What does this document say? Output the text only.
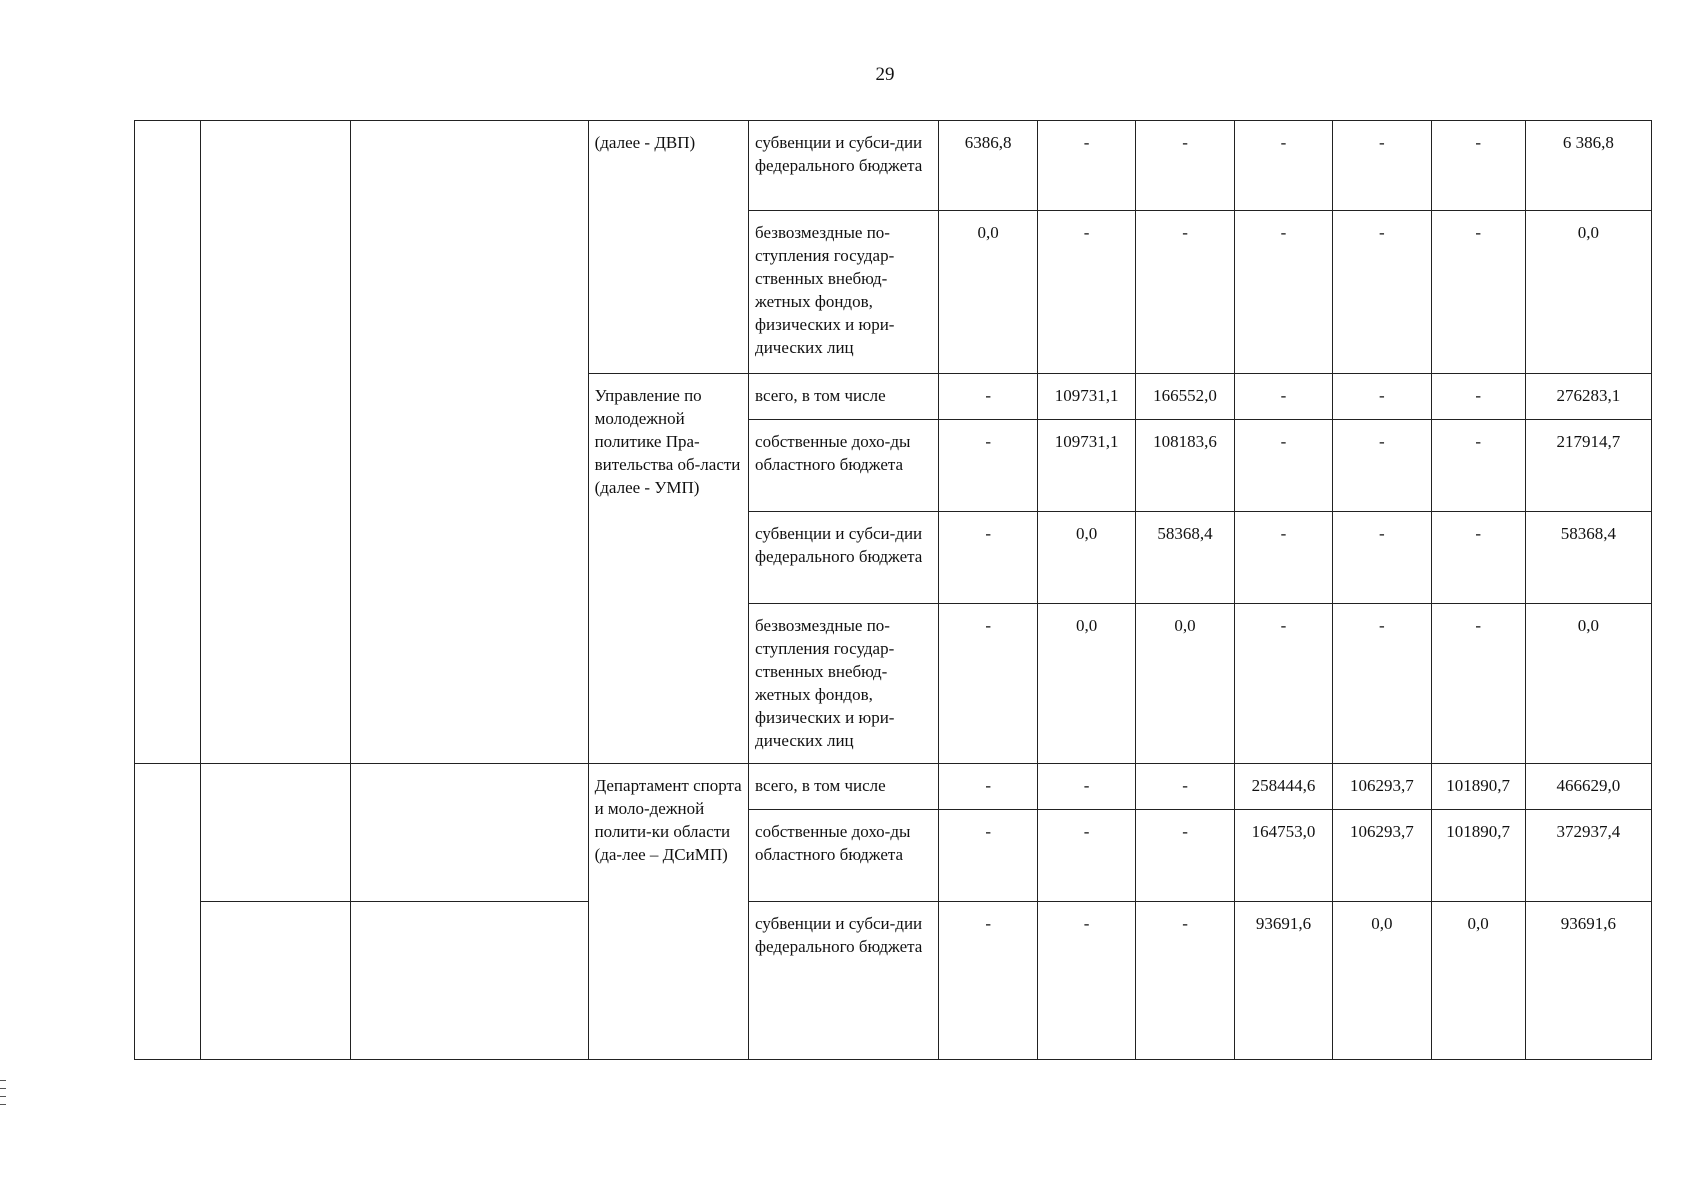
29
			(далее - ДВП)	субвенции и субси-дии федерального бюджета	6386,8	-	-	-	-	-	6 386,8
				безвозмездные по-ступления государ-ственных внебюд-жетных фондов, физических и юри-дических лиц	0,0	-	-	-	-	-	0,0
			Управление по молодежной политике Пра-вительства об-ласти (далее - УМП)	всего, в том числе	-	109731,1	166552,0	-	-	-	276283,1
				собственные дохо-ды областного бюджета	-	109731,1	108183,6	-	-	-	217914,7
				субвенции и субси-дии федерального бюджета	-	0,0	58368,4	-	-	-	58368,4
				безвозмездные по-ступления государ-ственных внебюд-жетных фондов, физических и юри-дических лиц	-	0,0	0,0	-	-	-	0,0
			Департамент спорта и моло-дежной полити-ки области (да-лее – ДСиМП)	всего, в том числе	-	-	-	258444,6	106293,7	101890,7	466629,0
				собственные дохо-ды областного бюджета	-	-	-	164753,0	106293,7	101890,7	372937,4
				субвенции и субси-дии федерального бюджета	-	-	-	93691,6	0,0	0,0	93691,6
